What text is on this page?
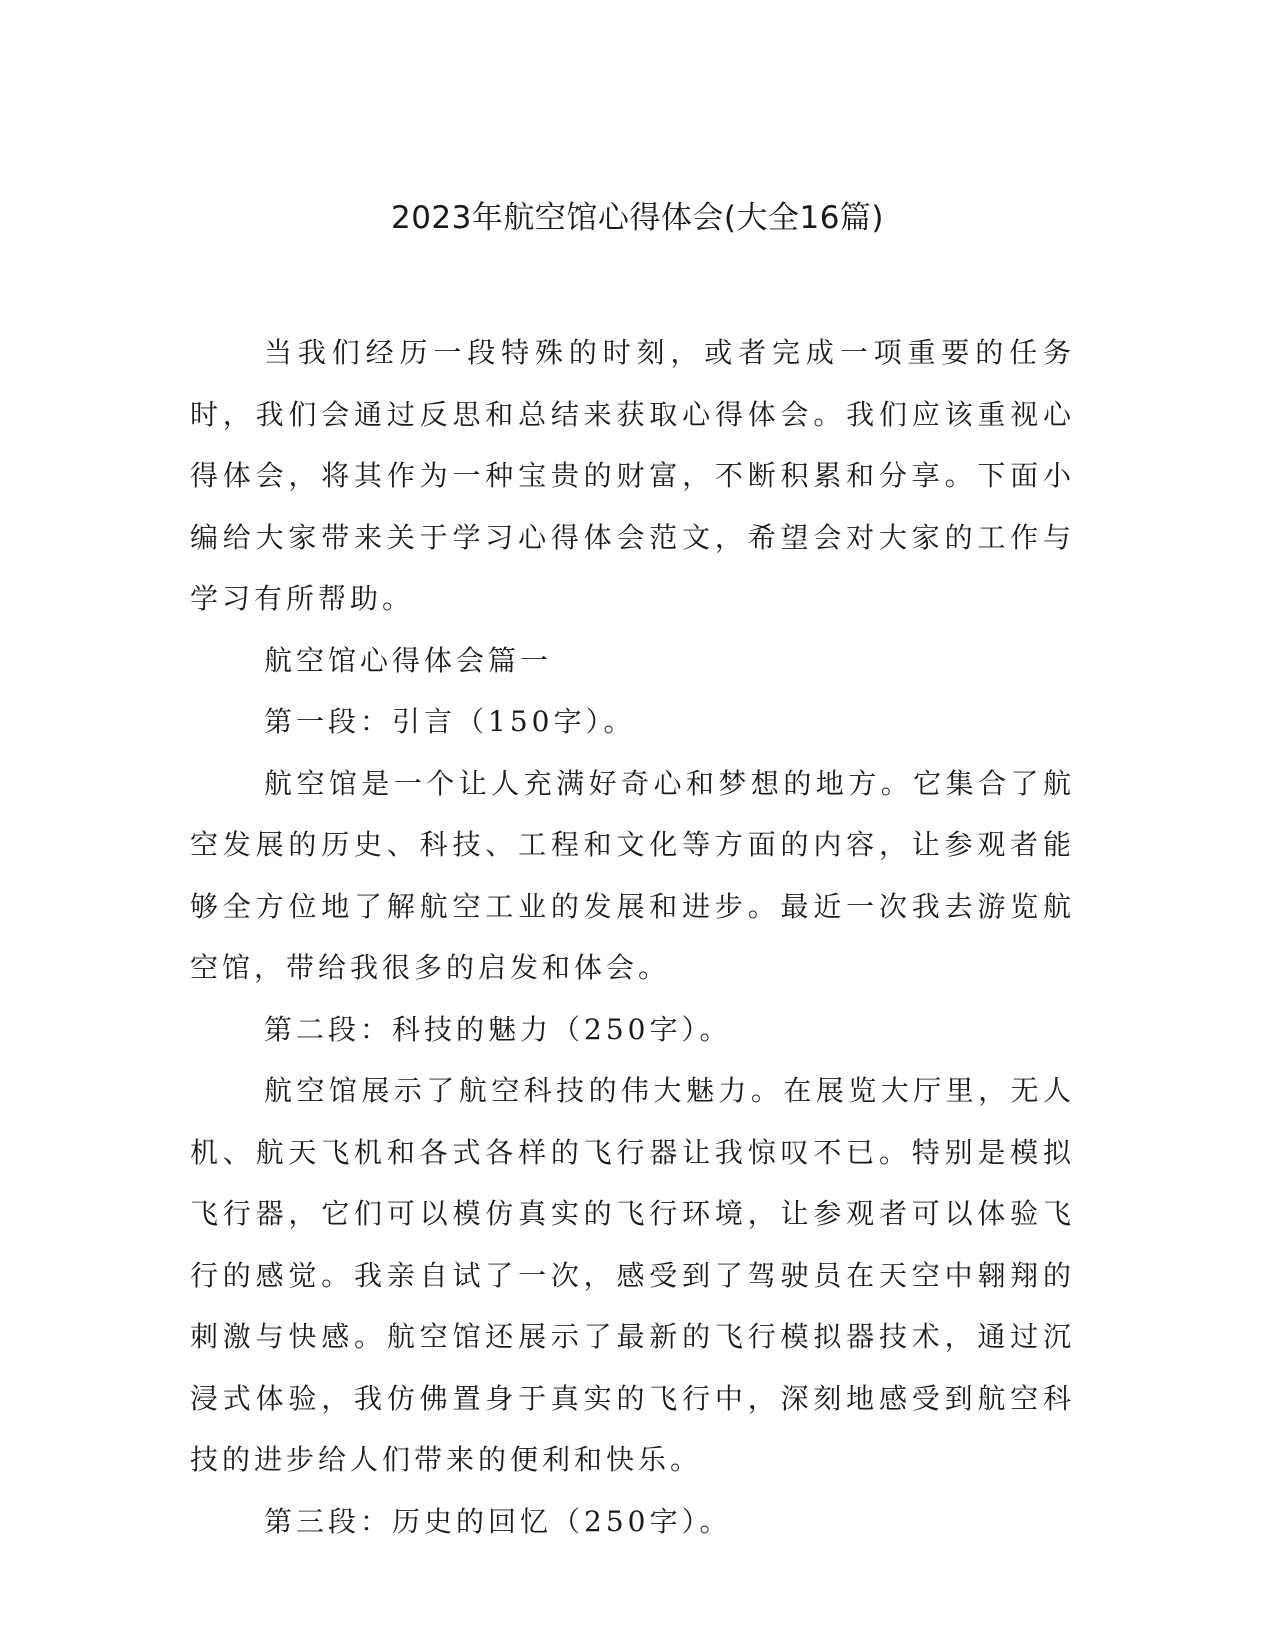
2023年航空馆心得体会(大全16篇)

当我们经历一段特殊的时刻，或者完成一项重要的任务时，我们会通过反思和总结来获取心得体会。我们应该重视心得体会，将其作为一种宝贵的财富，不断积累和分享。下面小编给大家带来关于学习心得体会范文，希望会对大家的工作与学习有所帮助。

航空馆心得体会篇一

第一段：引言（150字）。

航空馆是一个让人充满好奇心和梦想的地方。它集合了航空发展的历史、科技、工程和文化等方面的内容，让参观者能够全方位地了解航空工业的发展和进步。最近一次我去游览航空馆，带给我很多的启发和体会。

第二段：科技的魅力（250字）。

航空馆展示了航空科技的伟大魅力。在展览大厅里，无人机、航天飞机和各式各样的飞行器让我惊叹不已。特别是模拟飞行器，它们可以模仿真实的飞行环境，让参观者可以体验飞行的感觉。我亲自试了一次，感受到了驾驶员在天空中翱翔的刺激与快感。航空馆还展示了最新的飞行模拟器技术，通过沉浸式体验，我仿佛置身于真实的飞行中，深刻地感受到航空科技的进步给人们带来的便利和快乐。

第三段：历史的回忆（250字）。
